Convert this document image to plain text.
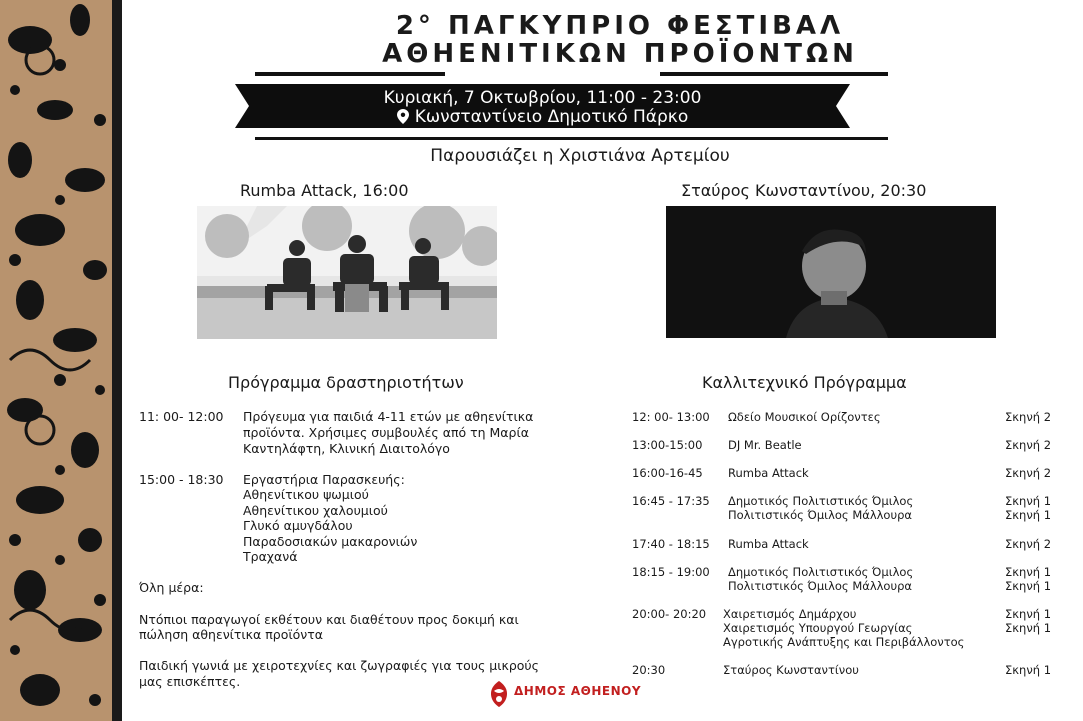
2° ΠΑΓΚΥΠΡΙΟ ΦΕΣΤΙΒΑΛ
ΑΘΗΕΝΙΤΙΚΩΝ ΠΡΟΪΟΝΤΩΝ
Κυριακή, 7 Οκτωβρίου, 11:00 - 23:00
Κωνσταντίνειο Δημοτικό Πάρκο
Παρουσιάζει η Χριστιάνα Αρτεμίου
Rumba Attack, 16:00	Σταύρος Κωνσταντίνου, 20:30
Πρόγραμμα δραστηριοτήτων
11: 00- 12:00 Πρόγευμα για παιδιά 4-11 ετών με αθηενίτικα
προϊόντα. Χρήσιμες συμβουλές από τη Μαρία
Καντηλάφτη, Κλινική Διαιτολόγο
15:00 - 18:30 Εργαστήρια Παρασκευής:
Αθηενίτικου ψωμιού
Αθηενίτικου χαλουμιού
Γλυκό αμυγδάλου
Παραδοσιακών μακαρονιών
Τραχανά
Όλη μέρα:
Ντόπιοι παραγωγοί εκθέτουν και διαθέτουν προς δοκιμή και
πώληση αθηενίτικα προϊόντα
Παιδική γωνιά με χειροτεχνίες και ζωγραφιές για τους μικρούς
μας επισκέπτες.
Καλλιτεχνικό Πρόγραμμα
12: 00- 13:00 Ωδείο Μουσικοί Ορίζοντες	Σκηνή 2
13:00-15:00 DJ Mr. Beatle	Σκηνή 2
16:00-16-45 Rumba Attack	Σκηνή 2
16:45 - 17:35 Δημοτικός Πολιτιστικός Όμιλος	Σκηνή 1
Πολιτιστικός Όμιλος Μάλλουρα	Σκηνή 1
17:40 - 18:15 Rumba Attack	Σκηνή 2
18:15 - 19:00 Δημοτικός Πολιτιστικός Όμιλος	Σκηνή 1
Πολιτιστικός Όμιλος Μάλλουρα	Σκηνή 1
20:00- 20:20 Χαιρετισμός Δημάρχου	Σκηνή 1
Χαιρετισμός Υπουργού Γεωργίας	Σκηνή 1
Αγροτικής Ανάπτυξης και Περιβάλλοντος
20:30	Σταύρος Κωνσταντίνου	Σκηνή 1
ΔΗΜΟΣ ΑΘΗΕΝΟΥ
